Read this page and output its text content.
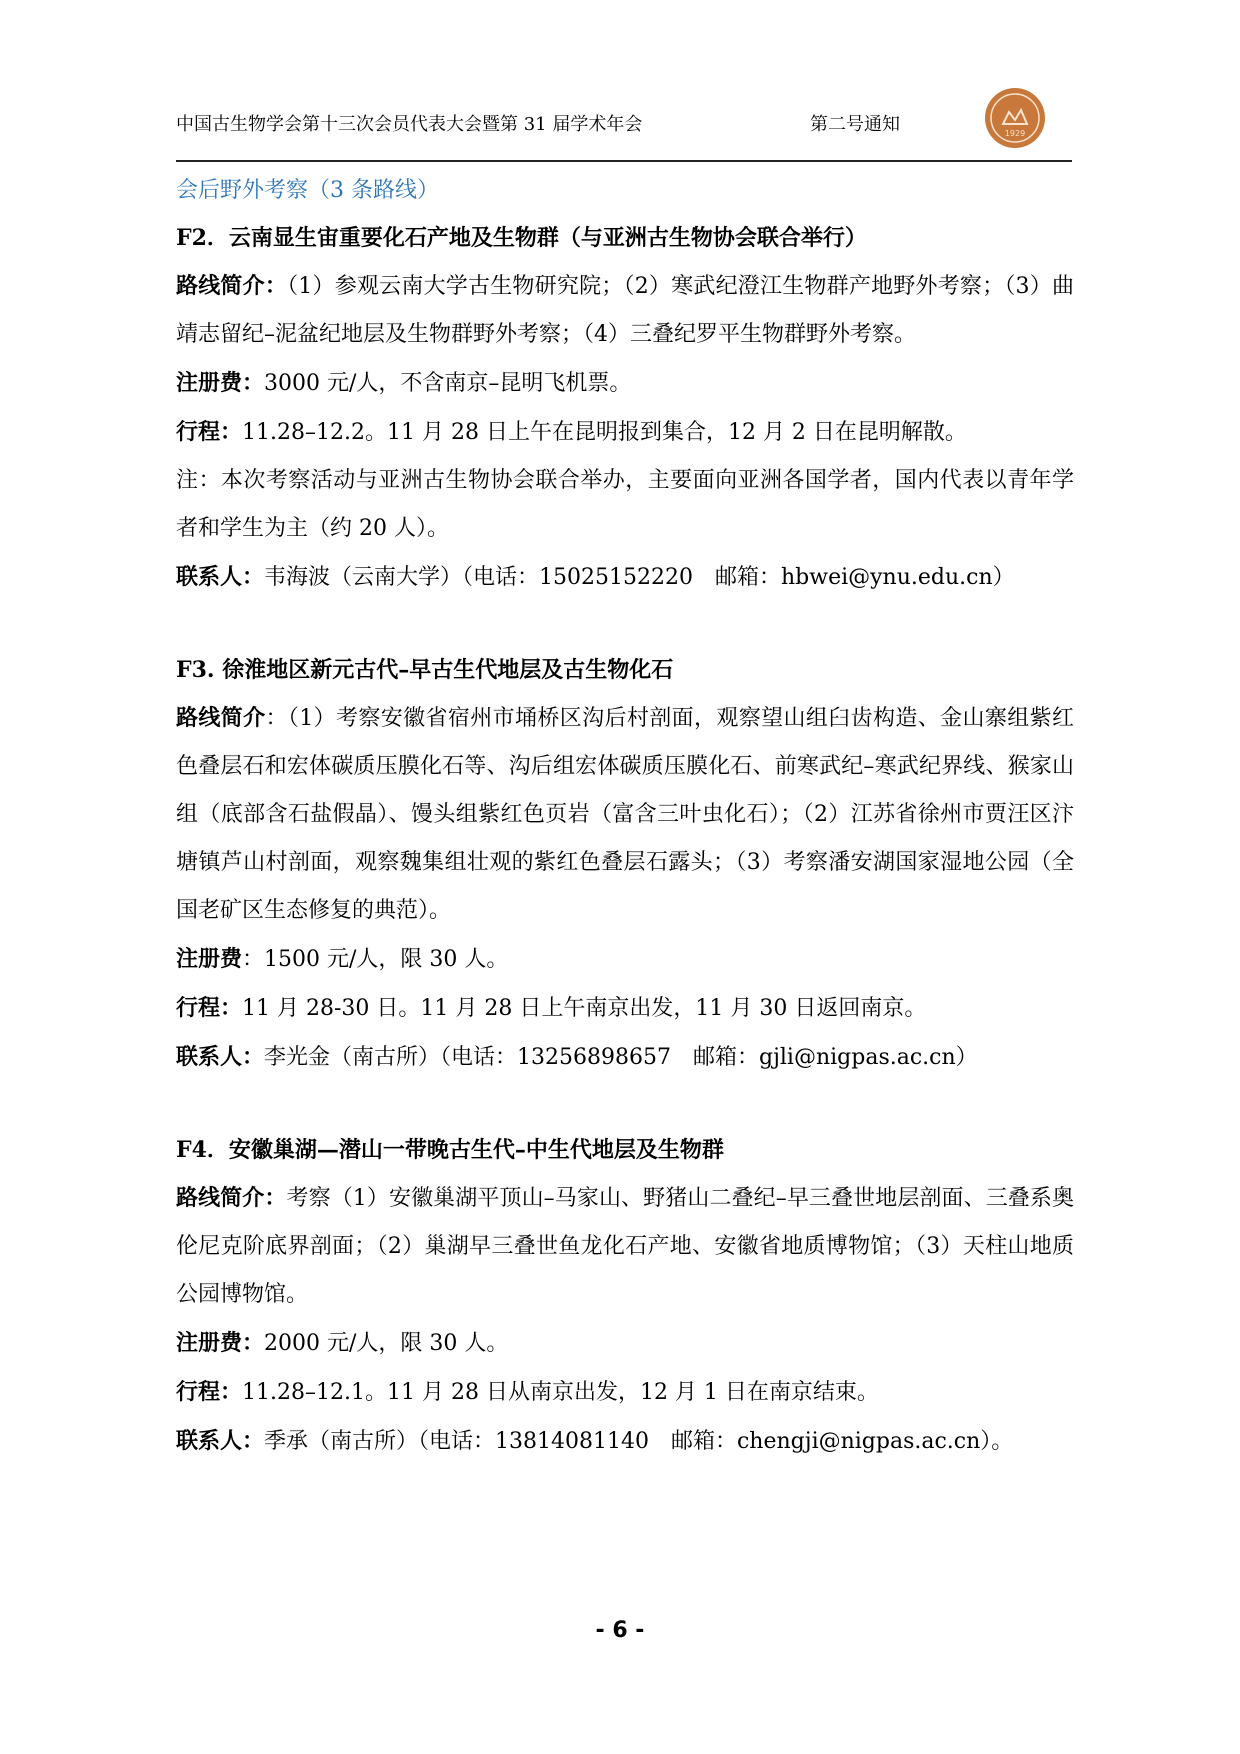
中国古生物学会第十三次会员代表大会暨第 31 届学术年会	第二号通知	1929

会后野外考察（3 条路线）

F2．云南显生宙重要化石产地及生物群（与亚洲古生物协会联合举行）
路线简介：（1）参观云南大学古生物研究院；（2）寒武纪澄江生物群产地野外考察；（3）曲靖志留纪–泥盆纪地层及生物群野外考察；（4）三叠纪罗平生物群野外考察。
注册费：3000 元/人，不含南京–昆明飞机票。
行程：11.28–12.2。11 月 28 日上午在昆明报到集合，12 月 2 日在昆明解散。
注：本次考察活动与亚洲古生物协会联合举办，主要面向亚洲各国学者，国内代表以青年学者和学生为主（约 20 人）。
联系人：韦海波（云南大学）（电话：15025152220　邮箱：hbwei@ynu.edu.cn）
F3. 徐淮地区新元古代–早古生代地层及古生物化石
路线简介：（1）考察安徽省宿州市埇桥区沟后村剖面，观察望山组臼齿构造、金山寨组紫红色叠层石和宏体碳质压膜化石等、沟后组宏体碳质压膜化石、前寒武纪–寒武纪界线、猴家山组（底部含石盐假晶）、馒头组紫红色页岩（富含三叶虫化石）；（2）江苏省徐州市贾汪区汴塘镇芦山村剖面，观察魏集组壮观的紫红色叠层石露头；（3）考察潘安湖国家湿地公园（全国老矿区生态修复的典范）。
注册费：1500 元/人，限 30 人。
行程：11 月 28-30 日。11 月 28 日上午南京出发，11 月 30 日返回南京。
联系人：李光金（南古所）（电话：13256898657　邮箱：gjli@nigpas.ac.cn）
F4．安徽巢湖—潜山一带晚古生代–中生代地层及生物群
路线简介：考察（1）安徽巢湖平顶山–马家山、野猪山二叠纪–早三叠世地层剖面、三叠系奥伦尼克阶底界剖面；（2）巢湖早三叠世鱼龙化石产地、安徽省地质博物馆；（3）天柱山地质公园博物馆。
注册费：2000 元/人，限 30 人。
行程：11.28–12.1。11 月 28 日从南京出发，12 月 1 日在南京结束。
联系人：季承（南古所）（电话：13814081140　邮箱：chengji@nigpas.ac.cn）。
- 6 -
